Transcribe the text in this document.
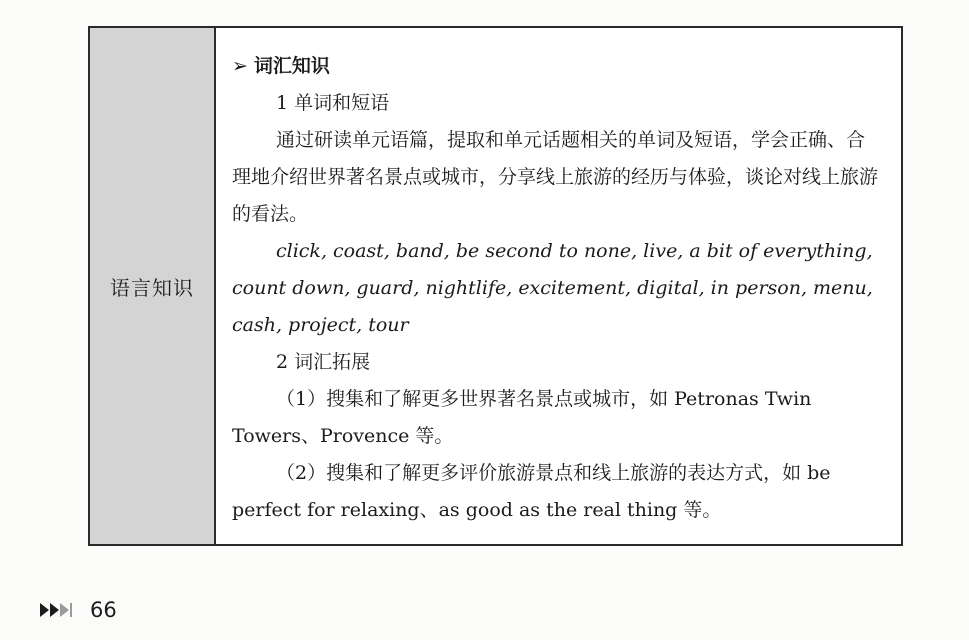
语言知识

➢ 词汇知识

1 单词和短语

通过研读单元语篇，提取和单元话题相关的单词及短语，学会正确、合理地介绍世界著名景点或城市，分享线上旅游的经历与体验，谈论对线上旅游的看法。

click, coast, band, be second to none, live, a bit of everything, count down, guard, nightlife, excitement, digital, in person, menu, cash, project, tour

2 词汇拓展

（1）搜集和了解更多世界著名景点或城市，如 Petronas Twin Towers、Provence 等。

（2）搜集和了解更多评价旅游景点和线上旅游的表达方式，如 be perfect for relaxing、as good as the real thing 等。

66
